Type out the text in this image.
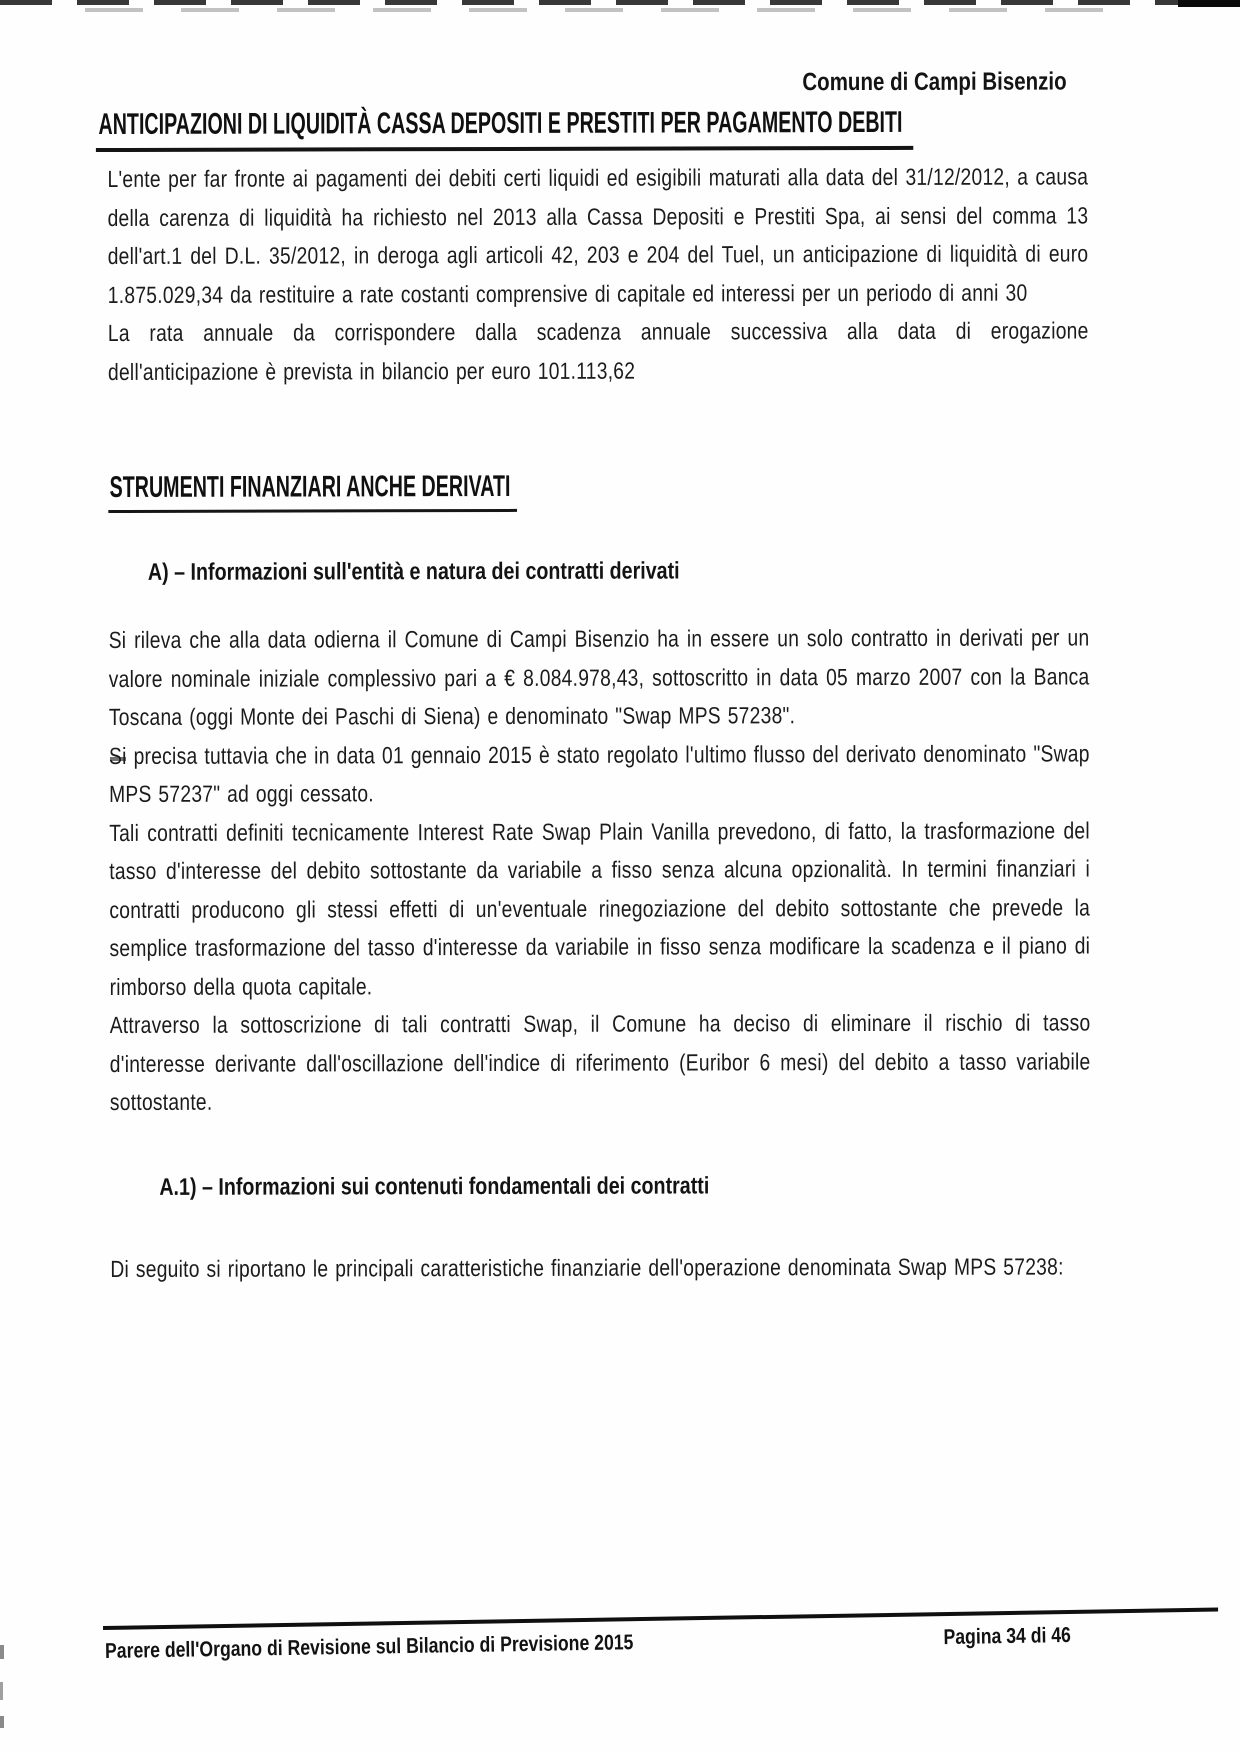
Comune di Campi Bisenzio
ANTICIPAZIONI DI LIQUIDITÀ CASSA DEPOSITI E PRESTITI PER PAGAMENTO DEBITI

L'ente per far fronte ai pagamenti dei debiti certi liquidi ed esigibili maturati alla data del 31/12/2012, a causa della carenza di liquidità ha richiesto nel 2013 alla Cassa Depositi e Prestiti Spa, ai sensi del comma 13 dell'art.1 del D.L. 35/2012, in deroga agli articoli 42, 203 e 204 del Tuel, un anticipazione di liquidità di euro 1.875.029,34 da restituire a rate costanti comprensive di capitale ed interessi per un periodo di anni 30

La rata annuale da corrispondere dalla scadenza annuale successiva alla data di erogazione dell'anticipazione è prevista in bilancio per euro 101.113,62

STRUMENTI FINANZIARI ANCHE DERIVATI
A) – Informazioni sull'entità e natura dei contratti derivati

Si rileva che alla data odierna il Comune di Campi Bisenzio ha in essere un solo contratto in derivati per un valore nominale iniziale complessivo pari a € 8.084.978,43, sottoscritto in data 05 marzo 2007 con la Banca Toscana (oggi Monte dei Paschi di Siena) e denominato "Swap MPS 57238".

Si precisa tuttavia che in data 01 gennaio 2015 è stato regolato l'ultimo flusso del derivato denominato "Swap MPS 57237" ad oggi cessato.

Tali contratti definiti tecnicamente Interest Rate Swap Plain Vanilla prevedono, di fatto, la trasformazione del tasso d'interesse del debito sottostante da variabile a fisso senza alcuna opzionalità. In termini finanziari i contratti producono gli stessi effetti di un'eventuale rinegoziazione del debito sottostante che prevede la semplice trasformazione del tasso d'interesse da variabile in fisso senza modificare la scadenza e il piano di rimborso della quota capitale.

Attraverso la sottoscrizione di tali contratti Swap, il Comune ha deciso di eliminare il rischio di tasso d'interesse derivante dall'oscillazione dell'indice di riferimento (Euribor 6 mesi) del debito a tasso variabile sottostante.

A.1) – Informazioni sui contenuti fondamentali dei contratti

Di seguito si riportano le principali caratteristiche finanziarie dell'operazione denominata Swap MPS 57238:

Parere dell'Organo di Revisione sul Bilancio di Previsione 2015	Pagina 34 di 46
